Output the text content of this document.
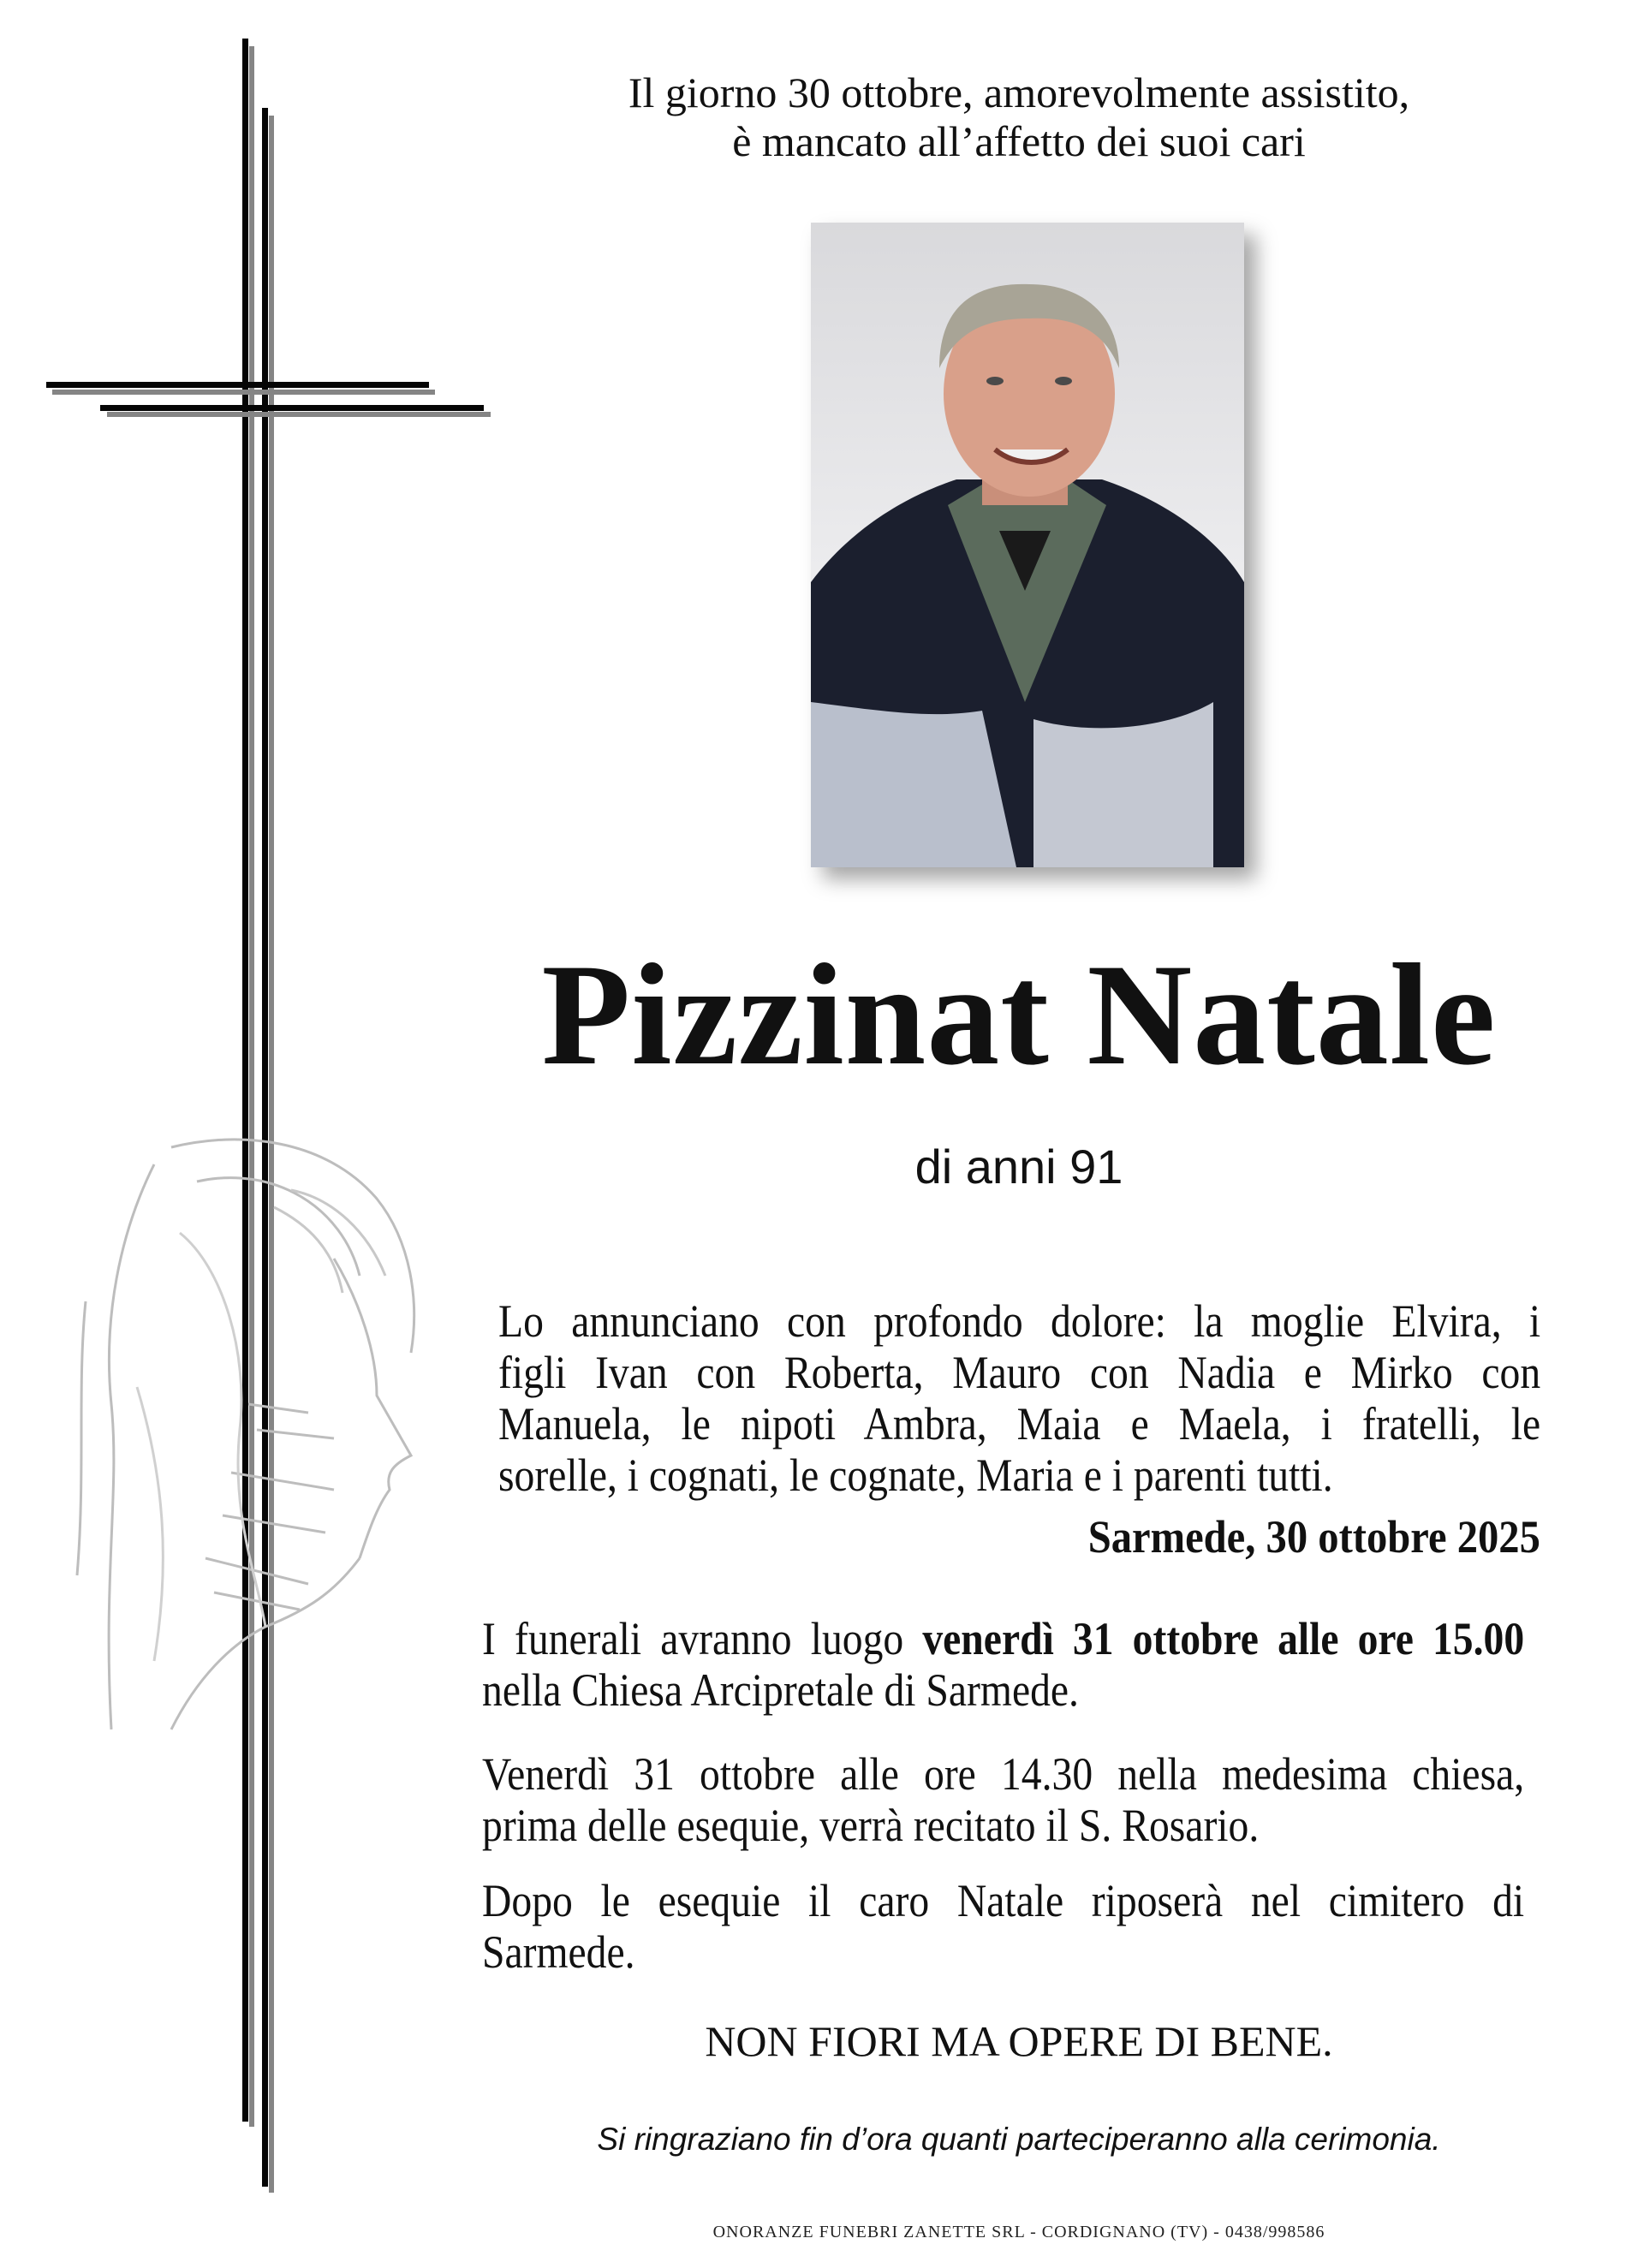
Il giorno 30 ottobre, amorevolmente assistito,
è mancato all’affetto dei suoi cari
Pizzinat Natale
di anni 91
Lo annunciano con profondo dolore: la moglie Elvira, i
figli Ivan con Roberta, Mauro con Nadia e Mirko con
Manuela, le nipoti Ambra, Maia e Maela, i fratelli, le
sorelle, i cognati, le cognate, Maria e i parenti tutti.
Sarmede, 30 ottobre 2025
I funerali avranno luogo venerdì 31 ottobre alle ore 15.00
nella Chiesa Arcipretale di Sarmede.
Venerdì 31 ottobre alle ore 14.30 nella medesima chiesa,
prima delle esequie, verrà recitato il S. Rosario.
Dopo le esequie il caro Natale riposerà nel cimitero di
Sarmede.
NON FIORI MA OPERE DI BENE.
Si ringraziano fin d’ora quanti parteciperanno alla cerimonia.
ONORANZE FUNEBRI ZANETTE SRL - CORDIGNANO (TV) - 0438/998586
